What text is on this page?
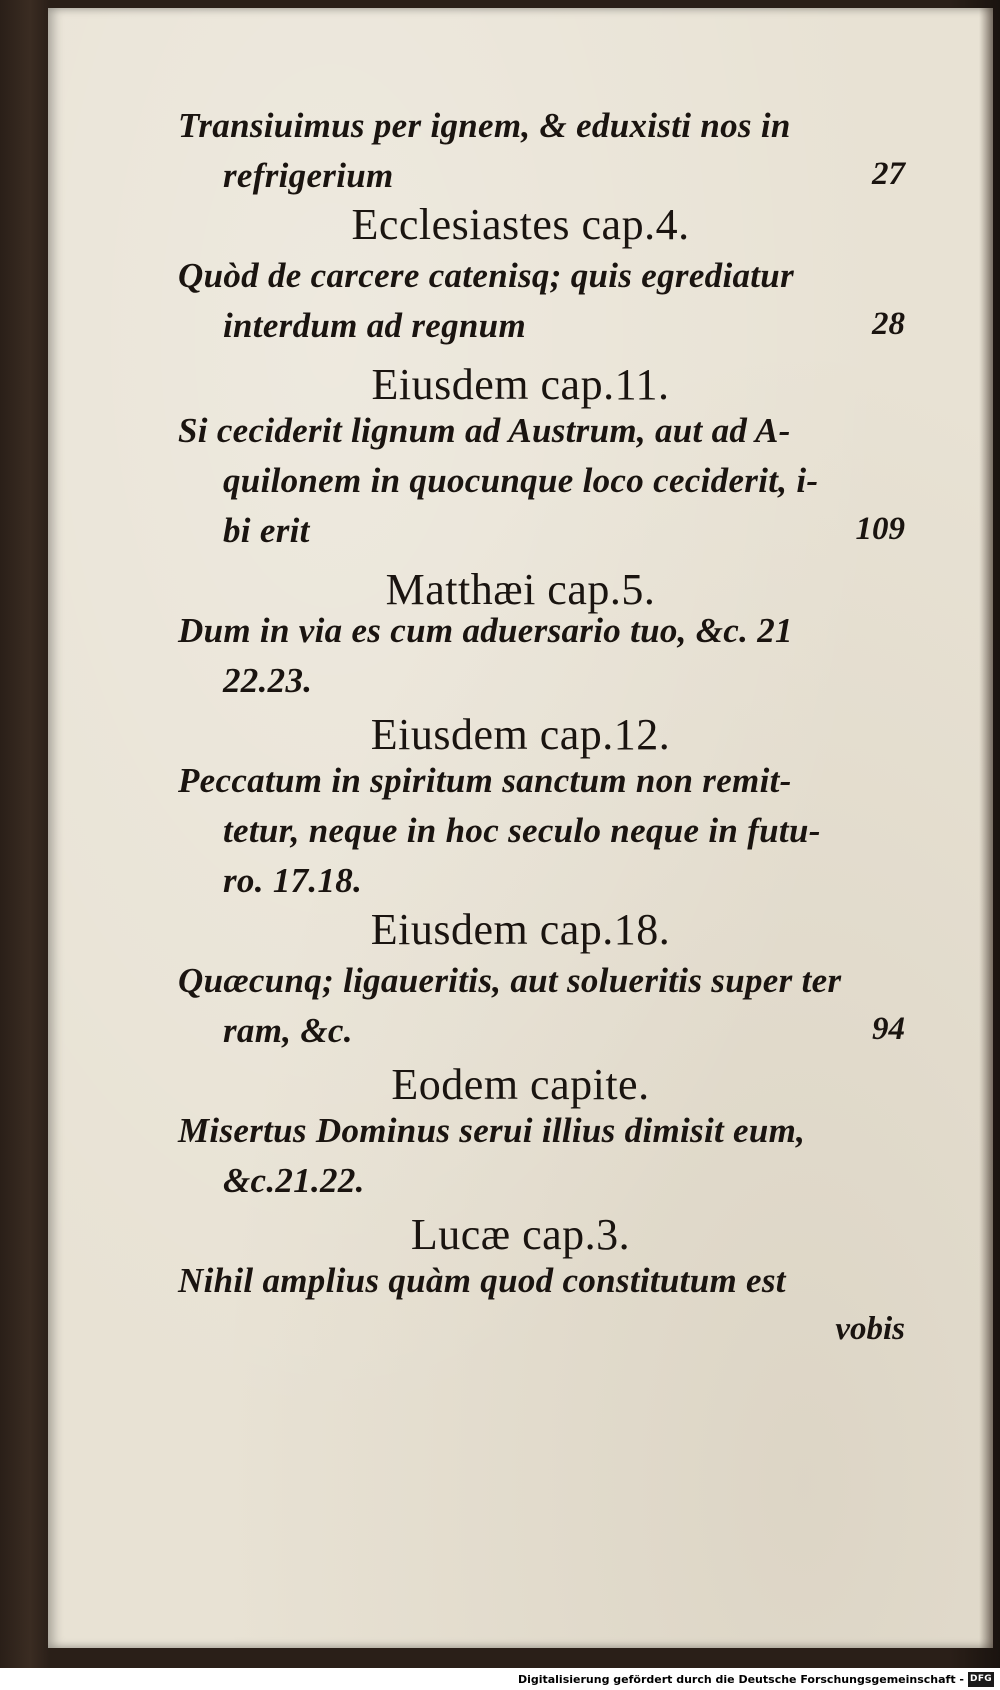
Transiuimus per ignem, & eduxisti nos in
refrigerium	27
Ecclesiastes cap.4.
Quòd de carcere catenisq; quis egrediatur
interdum ad regnum	28
Eiusdem cap.11.
Si ceciderit lignum ad Austrum, aut ad A-
quilonem in quocunque loco ceciderit, i-
bi erit	109
Matthæi cap.5.
Dum in via es cum aduersario tuo, &c. 21
22.23.
Eiusdem cap.12.
Peccatum in spiritum sanctum non remit-
tetur, neque in hoc seculo neque in futu-
ro. 17.18.
Eiusdem cap.18.
Quæcunq; ligaueritis, aut solueritis super ter
ram, &c.	94
Eodem capite.
Misertus Dominus serui illius dimisit eum,
&c.21.22.
Lucæ cap.3.
Nihil amplius quàm quod constitutum est
vobis
Digitalisierung gefördert durch die Deutsche Forschungsgemeinschaft - DFG
